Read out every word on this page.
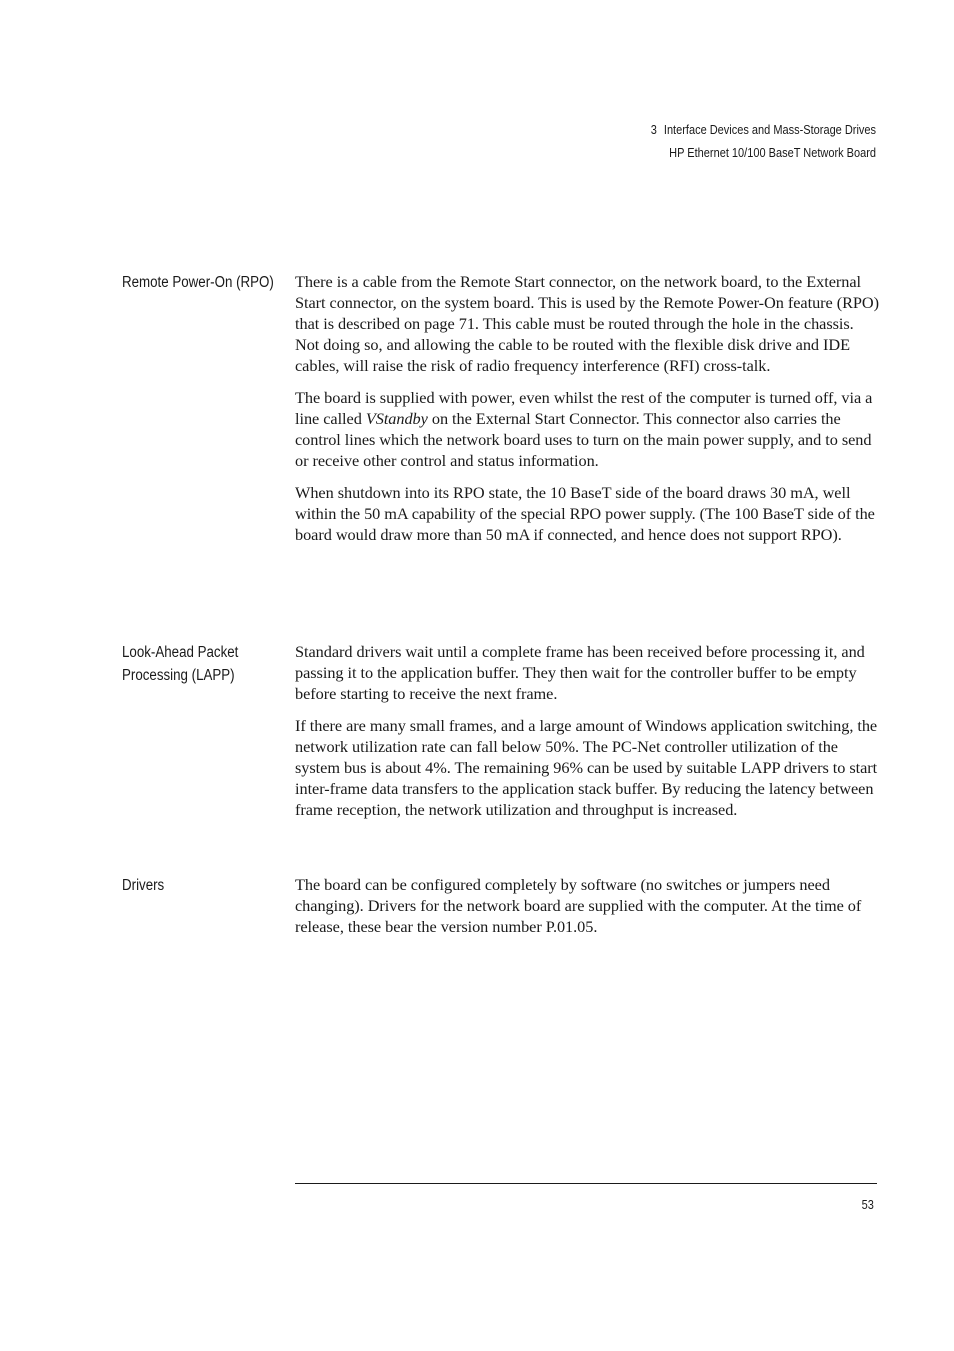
3 Interface Devices and Mass-Storage Drives
HP Ethernet 10/100 BaseT Network Board
Remote Power-On (RPO) There is a cable from the Remote Start connector, on the network board, to the External Start connector, on the system board. This is used by the Remote Power-On feature (RPO) that is described on page 71. This cable must be routed through the hole in the chassis. Not doing so, and allowing the cable to be routed with the flexible disk drive and IDE cables, will raise the risk of radio frequency interference (RFI) cross-talk.

The board is supplied with power, even whilst the rest of the computer is turned off, via a line called VStandby on the External Start Connector. This connector also carries the control lines which the network board uses to turn on the main power supply, and to send or receive other control and status information.

When shutdown into its RPO state, the 10 BaseT side of the board draws 30 mA, well within the 50 mA capability of the special RPO power supply. (The 100 BaseT side of the board would draw more than 50 mA if connected, and hence does not support RPO).

Look-Ahead Packet
Processing (LAPP)

Standard drivers wait until a complete frame has been received before processing it, and passing it to the application buffer. They then wait for the controller buffer to be empty before starting to receive the next frame.

If there are many small frames, and a large amount of Windows application switching, the network utilization rate can fall below 50%. The PC-Net controller utilization of the system bus is about 4%. The remaining 96% can be used by suitable LAPP drivers to start inter-frame data transfers to the application stack buffer. By reducing the latency between frame reception, the network utilization and throughput is increased.

Drivers	The board can be configured completely by software (no switches or jumpers need changing). Drivers for the network board are supplied with the computer. At the time of release, these bear the version number P.01.05.

53
